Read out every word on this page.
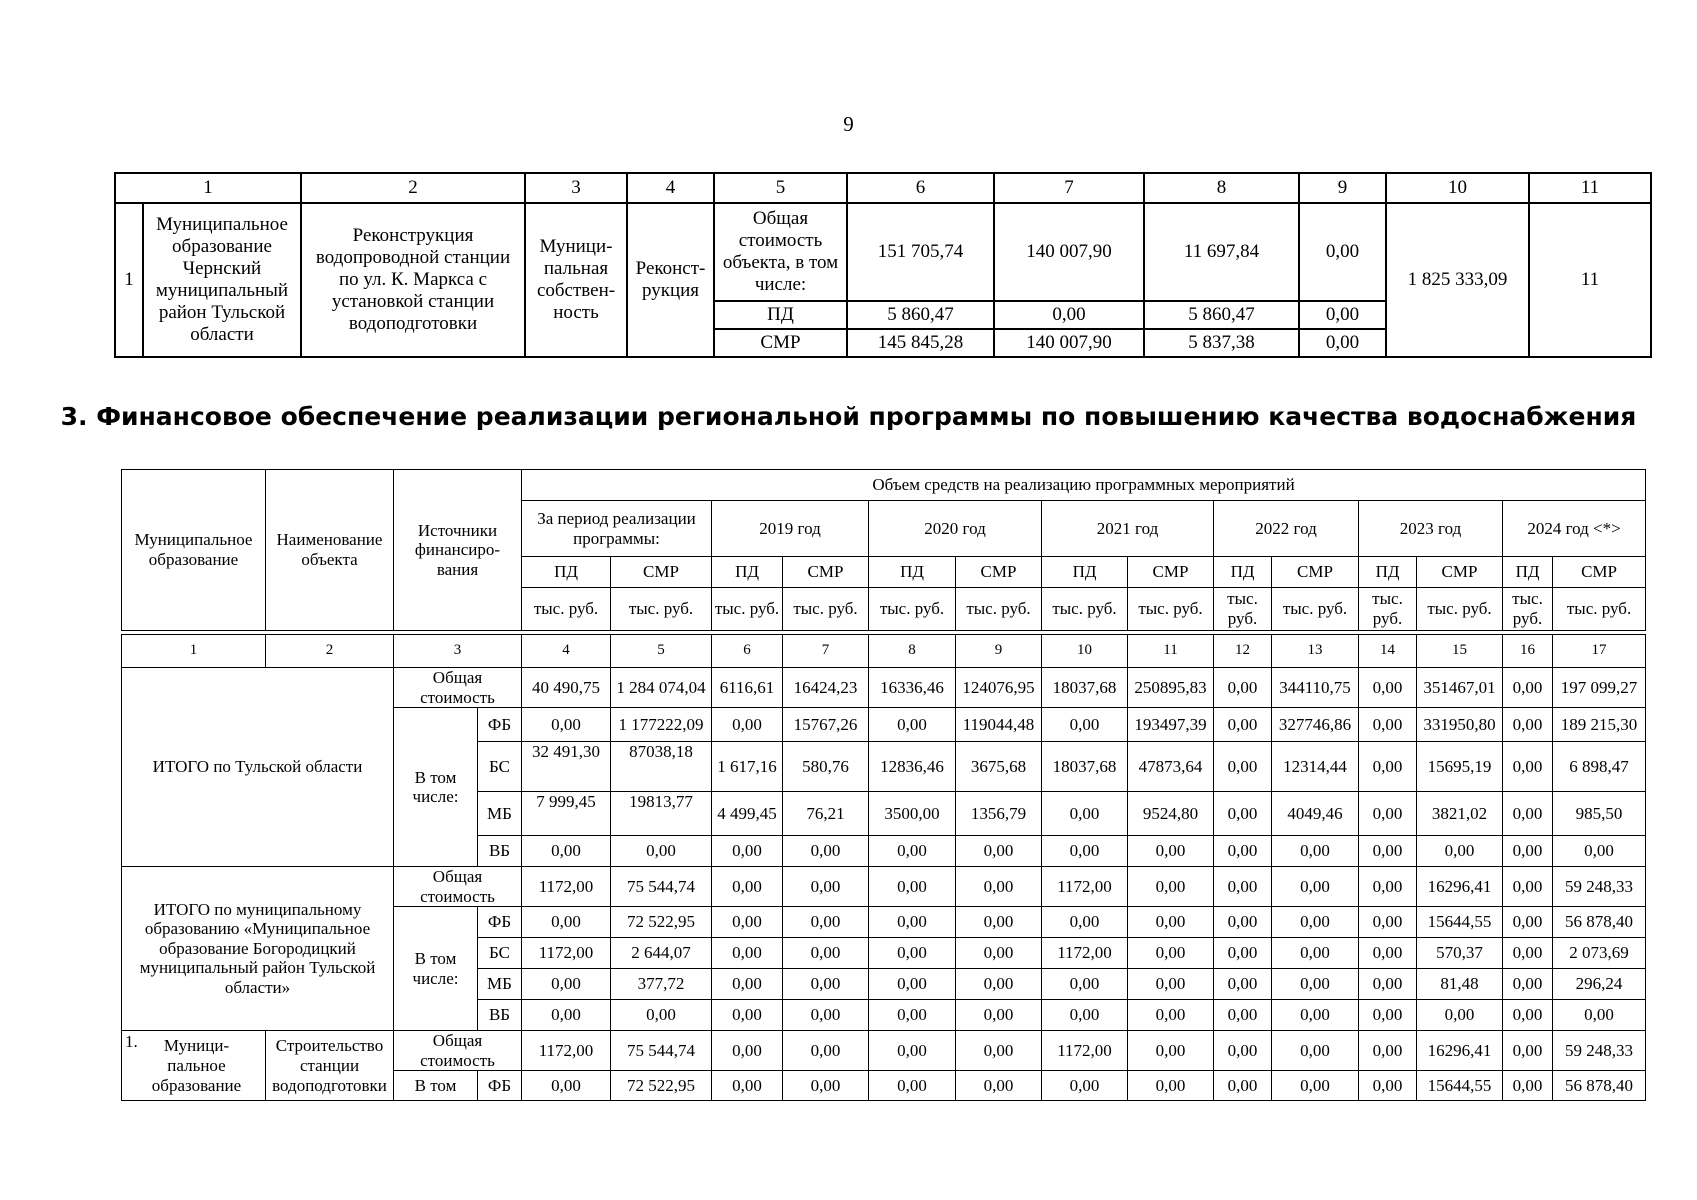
9
1		2	3	4	5	6	7	8	9	10	11
1	Муниципальное образование Чернский муниципальный район Тульской области	Реконструкция водопроводной станции по ул. К. Маркса с установкой станции водоподготовки	Муници-пальная собствен-ность	Реконст-рукция	Общая стоимость объекта, в том числе:	151 705,74	140 007,90	11 697,84	0,00	1 825 333,09	11
					ПД	5 860,47	0,00	5 860,47	0,00		
					СМР	145 845,28	140 007,90	5 837,38	0,00		
3. Финансовое обеспечение реализации региональной программы по повышению качества водоснабжения
Муниципальное образование	Наименование объекта	Источники финансиро-вания		Объем средств на реализацию программных мероприятий													
				За период реализации программы:		2019 год		2020 год		2021 год		2022 год		2023 год		2024 год <*>	
				ПД	СМР	ПД	СМР	ПД	СМР	ПД	СМР	ПД	СМР	ПД	СМР	ПД	СМР
				тыс. руб.	тыс. руб.	тыс. руб.	тыс. руб.	тыс. руб.	тыс. руб.	тыс. руб.	тыс. руб.	тыс. руб.	тыс. руб.	тыс. руб.	тыс. руб.	тыс. руб.	тыс. руб.

1	2	3		4	5	6	7	8	9	10	11	12	13	14	15	16	17
ИТОГО по Тульской области		Общая стоимость		40 490,75	1 284 074,04	6116,61	16424,23	16336,46	124076,95	18037,68	250895,83	0,00	344110,75	0,00	351467,01	0,00	197 099,27
		В том числе:	ФБ	0,00	1 177222,09	0,00	15767,26	0,00	119044,48	0,00	193497,39	0,00	327746,86	0,00	331950,80	0,00	189 215,30
			БС	32 491,30	87038,18	1 617,16	580,76	12836,46	3675,68	18037,68	47873,64	0,00	12314,44	0,00	15695,19	0,00	6 898,47
			МБ	7 999,45	19813,77	4 499,45	76,21	3500,00	1356,79	0,00	9524,80	0,00	4049,46	0,00	3821,02	0,00	985,50
			ВБ	0,00	0,00	0,00	0,00	0,00	0,00	0,00	0,00	0,00	0,00	0,00	0,00	0,00	0,00
ИТОГО по муниципальному образованию «Муниципальное образование Богородицкий муниципальный район Тульской области»		Общая стоимость		1172,00	75 544,74	0,00	0,00	0,00	0,00	1172,00	0,00	0,00	0,00	0,00	16296,41	0,00	59 248,33
		В том числе:	ФБ	0,00	72 522,95	0,00	0,00	0,00	0,00	0,00	0,00	0,00	0,00	0,00	15644,55	0,00	56 878,40
			БС	1172,00	2 644,07	0,00	0,00	0,00	0,00	1172,00	0,00	0,00	0,00	0,00	570,37	0,00	2 073,69
			МБ	0,00	377,72	0,00	0,00	0,00	0,00	0,00	0,00	0,00	0,00	0,00	81,48	0,00	296,24
			ВБ	0,00	0,00	0,00	0,00	0,00	0,00	0,00	0,00	0,00	0,00	0,00	0,00	0,00	0,00

1. Муници-пальное образование	Строительство станции водоподготовки	Общая стоимость		1172,00	75 544,74	0,00	0,00	0,00	0,00	1172,00	0,00	0,00	0,00	0,00	16296,41	0,00	59 248,33
		В том	ФБ	0,00	72 522,95	0,00	0,00	0,00	0,00	0,00	0,00	0,00	0,00	0,00	15644,55	0,00	56 878,40
